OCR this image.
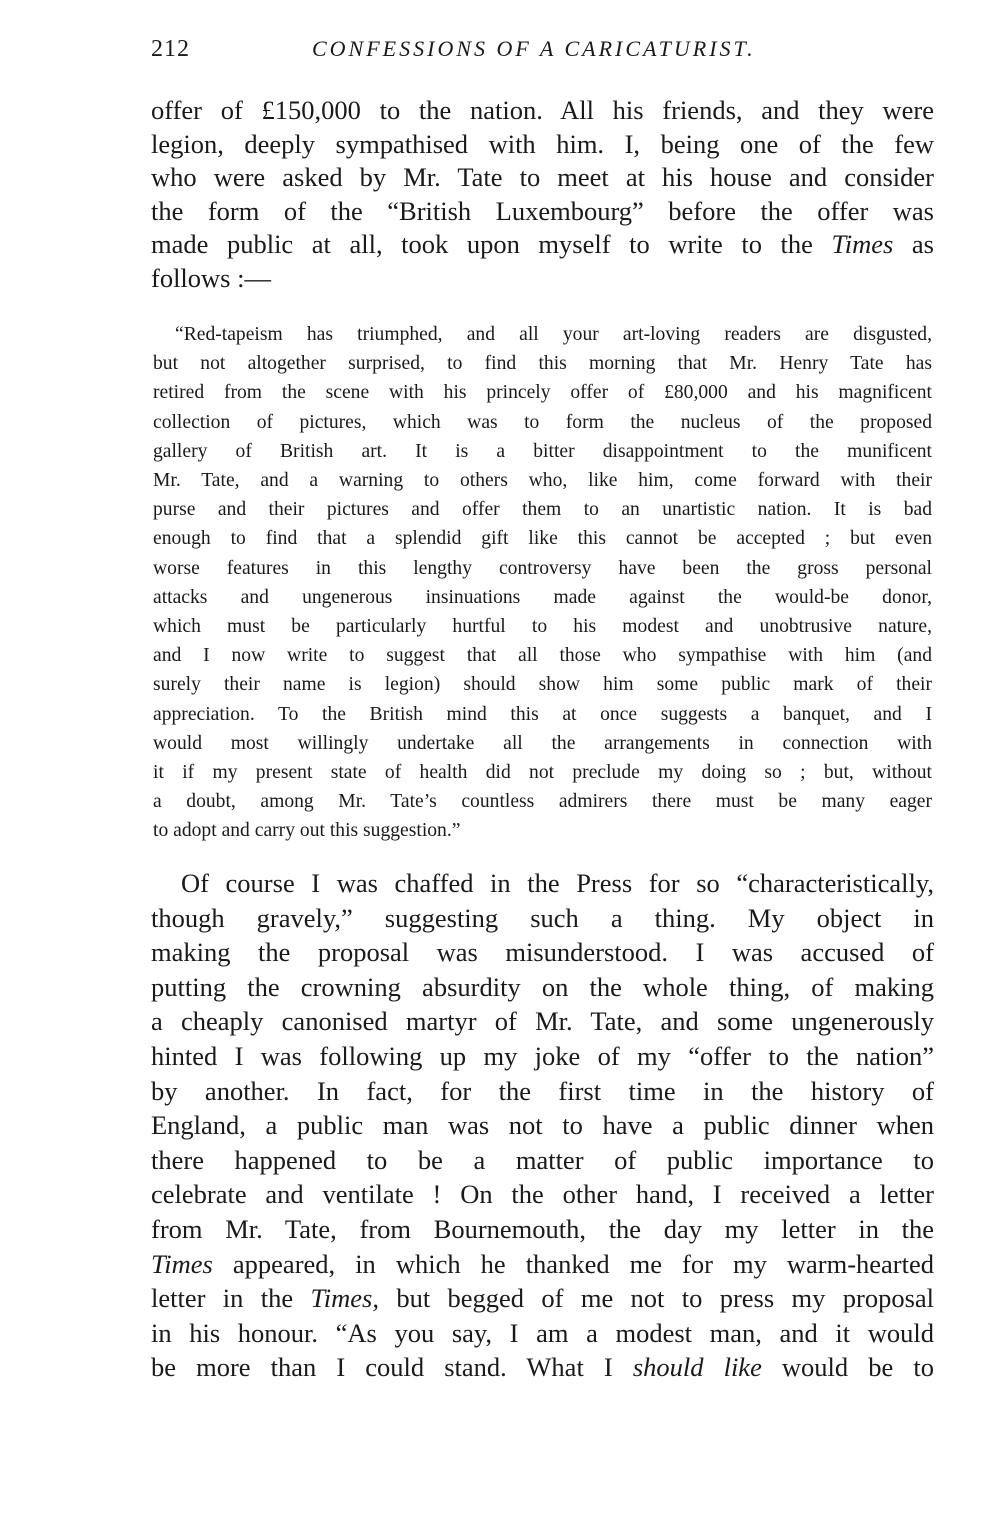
212	CONFESSIONS OF A CARICATURIST.
offer of £150,000 to the nation. All his friends, and they were
legion, deeply sympathised with him. I, being one of the few
who were asked by Mr. Tate to meet at his house and consider
the form of the “British Luxembourg” before the offer was
made public at all, took upon myself to write to the Times as
follows :—
“Red-tapeism has triumphed, and all your art-loving readers are disgusted,
but not altogether surprised, to find this morning that Mr. Henry Tate has
retired from the scene with his princely offer of £80,000 and his magnificent
collection of pictures, which was to form the nucleus of the proposed
gallery of British art. It is a bitter disappointment to the munificent
Mr. Tate, and a warning to others who, like him, come forward with their
purse and their pictures and offer them to an unartistic nation. It is bad
enough to find that a splendid gift like this cannot be accepted ; but even
worse features in this lengthy controversy have been the gross personal
attacks and ungenerous insinuations made against the would-be donor,
which must be particularly hurtful to his modest and unobtrusive nature,
and I now write to suggest that all those who sympathise with him (and
surely their name is legion) should show him some public mark of their
appreciation. To the British mind this at once suggests a banquet, and I
would most willingly undertake all the arrangements in connection with
it if my present state of health did not preclude my doing so ; but, without
a doubt, among Mr. Tate’s countless admirers there must be many eager
to adopt and carry out this suggestion.”
Of course I was chaffed in the Press for so “characteristically,
though gravely,” suggesting such a thing. My object in
making the proposal was misunderstood. I was accused of
putting the crowning absurdity on the whole thing, of making
a cheaply canonised martyr of Mr. Tate, and some ungenerously
hinted I was following up my joke of my “offer to the nation”
by another. In fact, for the first time in the history of
England, a public man was not to have a public dinner when
there happened to be a matter of public importance to
celebrate and ventilate ! On the other hand, I received a letter
from Mr. Tate, from Bournemouth, the day my letter in the
Times appeared, in which he thanked me for my warm-hearted
letter in the Times, but begged of me not to press my proposal
in his honour. “As you say, I am a modest man, and it would
be more than I could stand. What I should like would be to
